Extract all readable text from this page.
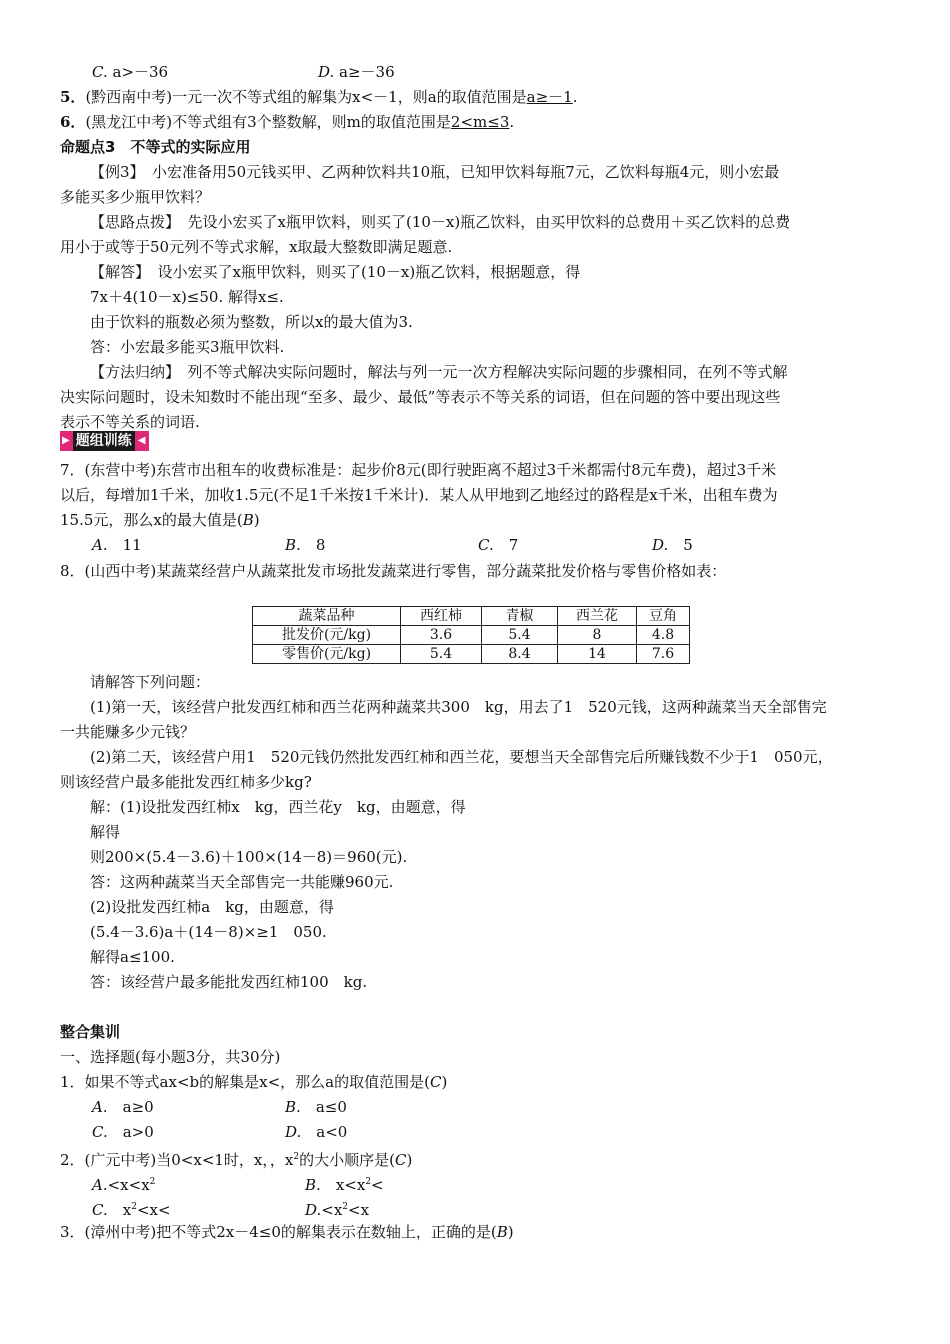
C. a>－36	D. a≥－36
5．(黔西南中考)一元一次不等式组的解集为x<－1，则a的取值范围是a≥－1.
6．(黑龙江中考)不等式组有3个整数解，则m的取值范围是2<m≤3.
命题点3　不等式的实际应用
【例3】　小宏准备用50元钱买甲、乙两种饮料共10瓶，已知甲饮料每瓶7元，乙饮料每瓶4元，则小宏最
多能买多少瓶甲饮料？
【思路点拨】　先设小宏买了x瓶甲饮料，则买了(10－x)瓶乙饮料，由买甲饮料的总费用＋买乙饮料的总费
用小于或等于50元列不等式求解，x取最大整数即满足题意.
【解答】　设小宏买了x瓶甲饮料，则买了(10－x)瓶乙饮料，根据题意，得
7x＋4(10－x)≤50. 解得x≤.
由于饮料的瓶数必须为整数，所以x的最大值为3.
答：小宏最多能买3瓶甲饮料.
【方法归纳】　列不等式解决实际问题时，解法与列一元一次方程解决实际问题的步骤相同，在列不等式解
决实际问题时，设未知数时不能出现“至多、最少、最低”等表示不等关系的词语，但在问题的答中要出现这些
表示不等关系的词语.
▶ 题组训练 ◀
7．(东营中考)东营市出租车的收费标准是：起步价8元(即行驶距离不超过3千米都需付8元车费)，超过3千米
以后，每增加1千米，加收1.5元(不足1千米按1千米计)．某人从甲地到乙地经过的路程是x千米，出租车费为
15.5元，那么x的最大值是(B)
A.　 11	B.　 8	C.　 7	D.　 5
8．(山西中考)某蔬菜经营户从蔬菜批发市场批发蔬菜进行零售，部分蔬菜批发价格与零售价格如表：
蔬菜品种	西红柿	青椒	西兰花	豆角
批发价(元/kg)	3.6	5.4	8	4.8
零售价(元/kg)	5.4	8.4	14	7.6
请解答下列问题：
(1)第一天，该经营户批发西红柿和西兰花两种蔬菜共300　kg，用去了1　520元钱，这两种蔬菜当天全部售完
一共能赚多少元钱？
(2)第二天，该经营户用1　520元钱仍然批发西红柿和西兰花，要想当天全部售完后所赚钱数不少于1　050元，
则该经营户最多能批发西红柿多少kg?
解：(1)设批发西红柿x　kg，西兰花y　kg，由题意，得
解得
则200×(5.4－3.6)＋100×(14－8)＝960(元).
答：这两种蔬菜当天全部售完一共能赚960元.
(2)设批发西红柿a　kg，由题意，得
(5.4－3.6)a＋(14－8)×≥1　050.
解得a≤100.
答：该经营户最多能批发西红柿100　kg.
整合集训
一、选择题(每小题3分，共30分)
1．如果不等式ax<b的解集是x<，那么a的取值范围是(C)
A.　 a≥0	B.　 a≤0
C.　 a>0	D.　 a<0
2．(广元中考)当0<x<1时，x，，$x^2$的大小顺序是(C)
$A.<x<x^2$	B.　 $x<x^2<$
C.　 $x^2<x<$	$D.<x^2<x$
3．(漳州中考)把不等式2x－4≤0的解集表示在数轴上，正确的是(B)
